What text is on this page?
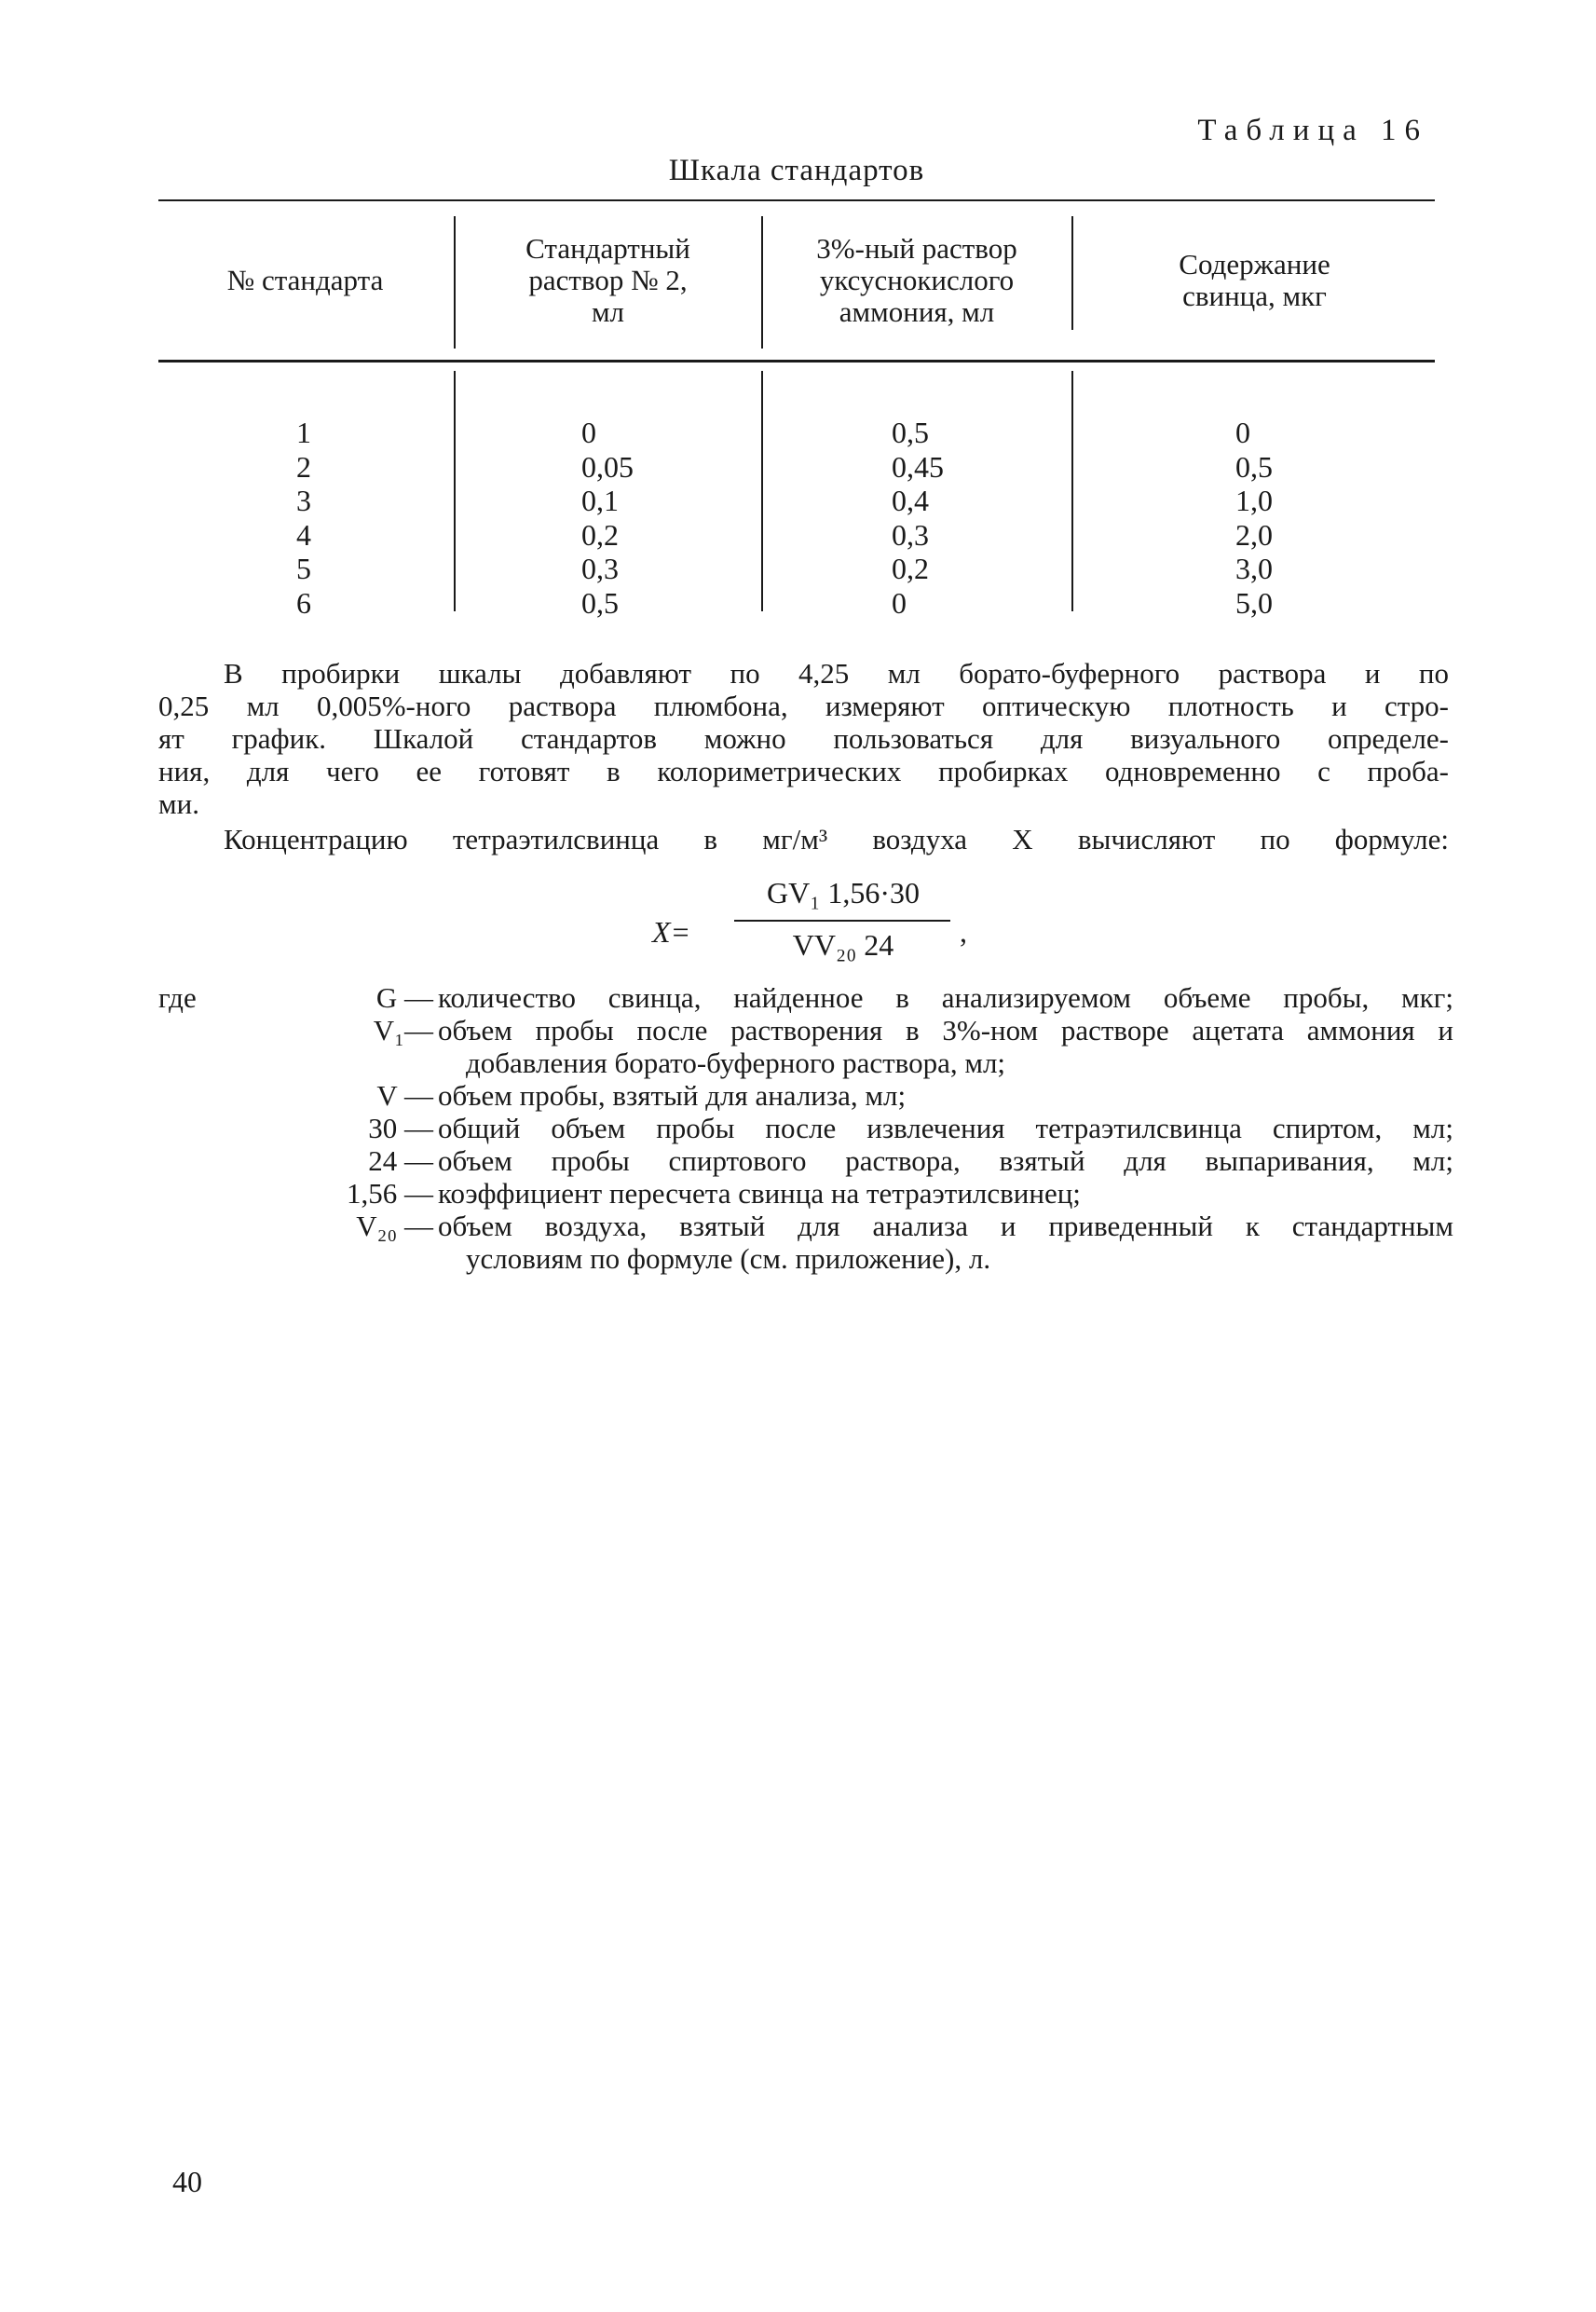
Таблица 16
Шкала стандартов
№ стандарта
Стандартный
раствор № 2,
мл
3%-ный раствор
уксуснокислого
аммония, мл
Содержание
свинца, мкг
1
2
3
4
5
6
0
0,05
0,1
0,2
0,3
0,5
0,5
0,45
0,4
0,3
0,2
0
0
0,5
1,0
2,0
3,0
5,0
В пробирки шкалы добавляют по 4,25 мл борато-буферного раствора и по
0,25 мл 0,005%-ного раствора плюмбона, измеряют оптическую плотность и стро-
ят график. Шкалой стандартов можно пользоваться для визуального определе-
ния, для чего ее готовят в колориметрических пробирках одновременно с проба-
ми.
Концентрацию тетраэтилсвинца в мг/м³ воздуха X вычисляют по формуле:
X=
GV₁ 1,56·30
VV₂₀ 24	,
где	G — количество свинца, найденное в анализируемом объеме пробы, мкг;
V₁— объем пробы после растворения в 3%-ном растворе ацетата аммония и
добавления борато-буферного раствора, мл;
V — объем пробы, взятый для анализа, мл;
30 — общий объем пробы после извлечения тетраэтилсвинца спиртом, мл;
24 — объем пробы спиртового раствора, взятый для выпаривания, мл;
1,56 — коэффициент пересчета свинца на тетраэтилсвинец;
V₂₀ — объем воздуха, взятый для анализа и приведенный к стандартным
условиям по формуле (см. приложение), л.
40
